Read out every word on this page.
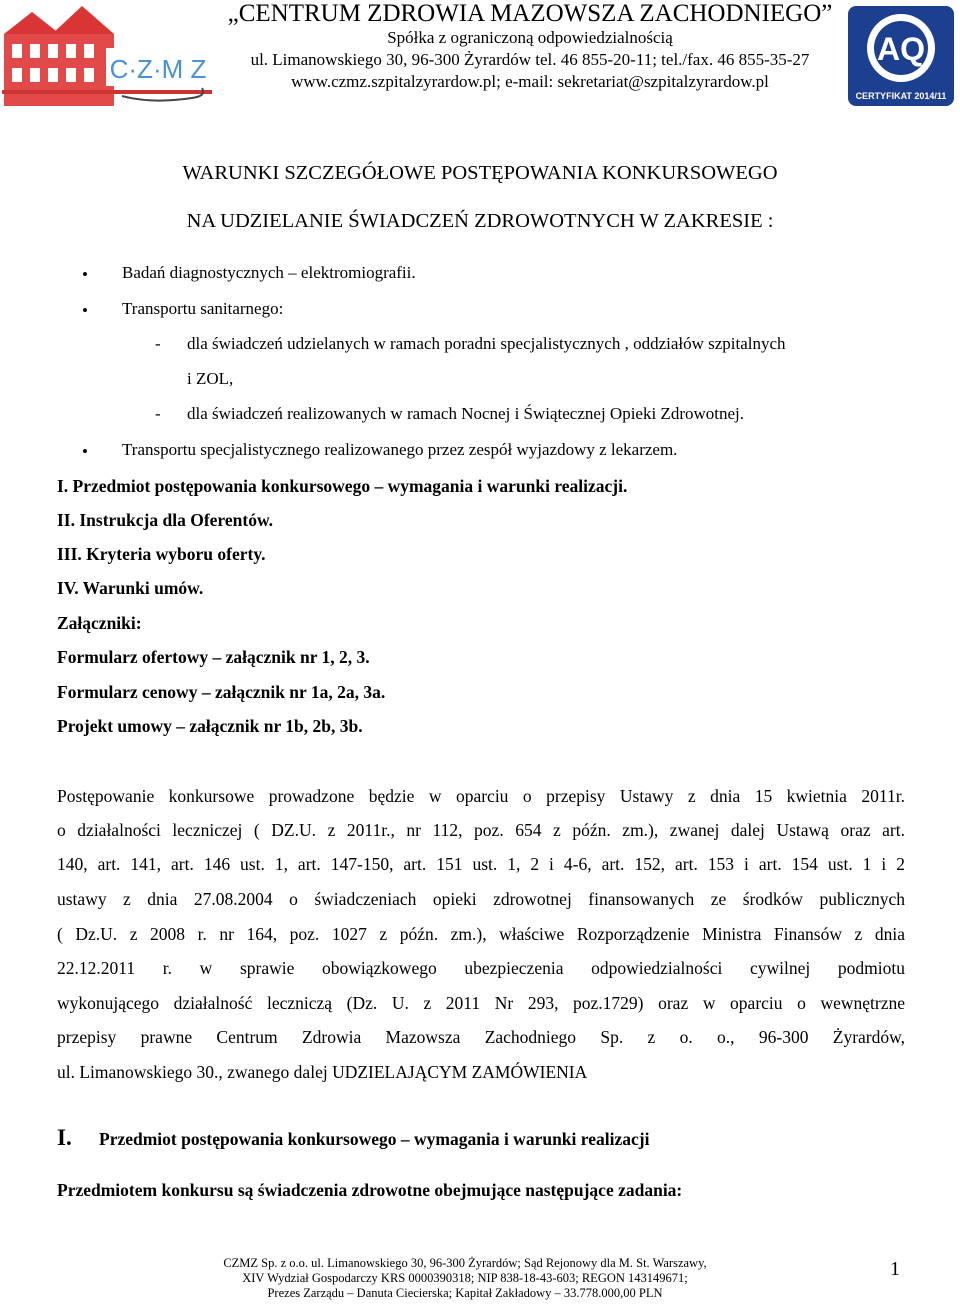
C·Z·M Z
„CENTRUM ZDROWIA MAZOWSZA ZACHODNIEGO”
Spółka z ograniczoną odpowiedzialnością
ul. Limanowskiego 30, 96-300 Żyrardów tel. 46 855-20-11; tel./fax. 46 855-35-27
www.czmz.szpitalzyrardow.pl; e-mail: sekretariat@szpitalzyrardow.pl
AQ
CERTYFIKAT 2014/11
WARUNKI SZCZEGÓŁOWE POSTĘPOWANIA KONKURSOWEGO
NA UDZIELANIE ŚWIADCZEŃ ZDROWOTNYCH W ZAKRESIE :
• Badań diagnostycznych – elektromiografii.
• Transportu sanitarnego:
- dla świadczeń udzielanych w ramach poradni specjalistycznych , oddziałów szpitalnych
i ZOL,
- dla świadczeń realizowanych w ramach Nocnej i Świątecznej Opieki Zdrowotnej.
• Transportu specjalistycznego realizowanego przez zespół wyjazdowy z lekarzem.
I. Przedmiot postępowania konkursowego – wymagania i warunki realizacji.
II. Instrukcja dla Oferentów.
III. Kryteria wyboru oferty.
IV. Warunki umów.
Załączniki:
Formularz ofertowy – załącznik nr 1, 2, 3.
Formularz cenowy – załącznik nr 1a, 2a, 3a.
Projekt umowy – załącznik nr 1b, 2b, 3b.
Postępowanie konkursowe prowadzone będzie w oparciu o przepisy Ustawy z dnia 15 kwietnia 2011r.
o działalności leczniczej ( DZ.U. z 2011r., nr 112, poz. 654 z późn. zm.), zwanej dalej Ustawą oraz art.
140, art. 141, art. 146 ust. 1, art. 147-150, art. 151 ust. 1, 2 i 4-6, art. 152, art. 153 i art. 154 ust. 1 i 2
ustawy z dnia 27.08.2004 o świadczeniach opieki zdrowotnej finansowanych ze środków publicznych
( Dz.U. z 2008 r. nr 164, poz. 1027 z późn. zm.), właściwe Rozporządzenie Ministra Finansów z dnia
22.12.2011 r. w sprawie obowiązkowego ubezpieczenia odpowiedzialności cywilnej podmiotu
wykonującego działalność leczniczą (Dz. U. z 2011 Nr 293, poz.1729) oraz w oparciu o wewnętrzne
przepisy prawne Centrum Zdrowia Mazowsza Zachodniego Sp. z o. o., 96-300 Żyrardów,
ul. Limanowskiego 30., zwanego dalej UDZIELAJĄCYM ZAMÓWIENIA
I. Przedmiot postępowania konkursowego – wymagania i warunki realizacji
Przedmiotem konkursu są świadczenia zdrowotne obejmujące następujące zadania:
CZMZ Sp. z o.o. ul. Limanowskiego 30, 96-300 Żyrardów; Sąd Rejonowy dla M. St. Warszawy,
XIV Wydział Gospodarczy KRS 0000390318; NIP 838-18-43-603; REGON 143149671;
Prezes Zarządu – Danuta Ciecierska; Kapitał Zakładowy – 33.778.000,00 PLN
1
